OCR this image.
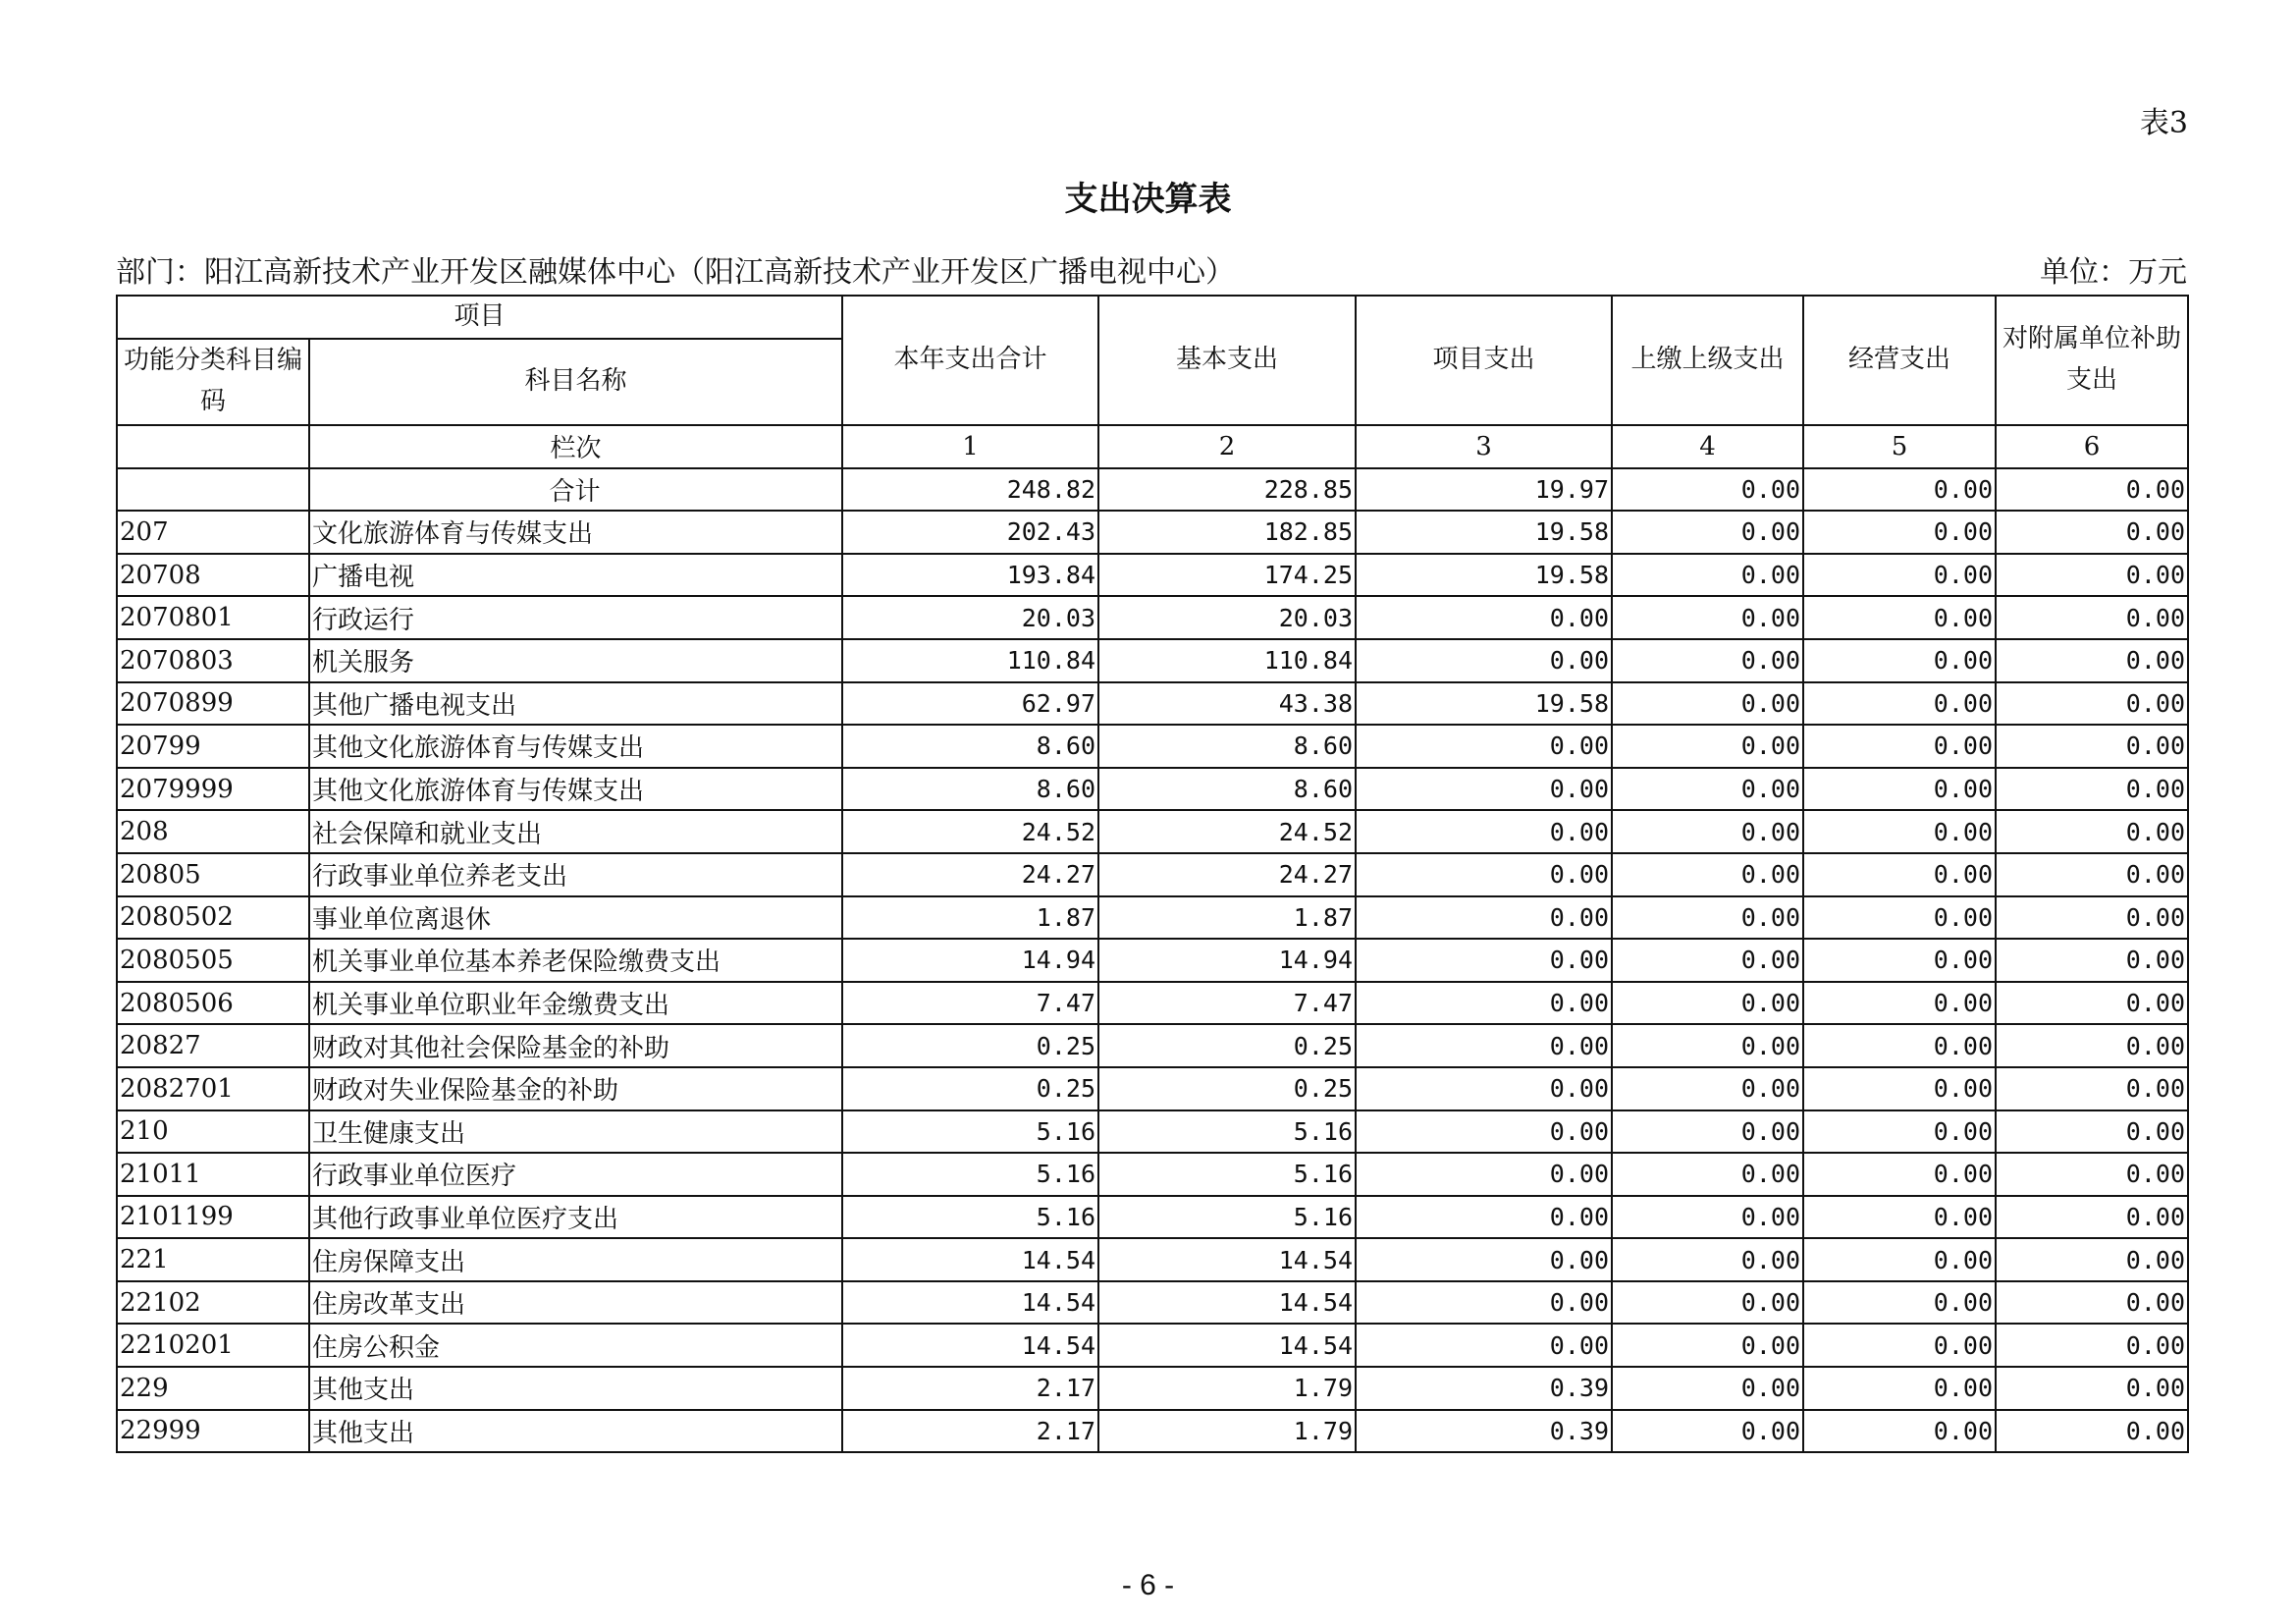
表3
支出决算表
部门：阳江高新技术产业开发区融媒体中心（阳江高新技术产业开发区广播电视中心）	单位：万元
项目		本年支出合计	基本支出	项目支出	上缴上级支出	经营支出	对附属单位补助支出
功能分类科目编码	科目名称						
	栏次	1	2	3	4	5	6
	合计	248.82	228.85	19.97	0.00	0.00	0.00
207	文化旅游体育与传媒支出	202.43	182.85	19.58	0.00	0.00	0.00
20708	广播电视	193.84	174.25	19.58	0.00	0.00	0.00
2070801	行政运行	20.03	20.03	0.00	0.00	0.00	0.00
2070803	机关服务	110.84	110.84	0.00	0.00	0.00	0.00
2070899	其他广播电视支出	62.97	43.38	19.58	0.00	0.00	0.00
20799	其他文化旅游体育与传媒支出	8.60	8.60	0.00	0.00	0.00	0.00
2079999	其他文化旅游体育与传媒支出	8.60	8.60	0.00	0.00	0.00	0.00
208	社会保障和就业支出	24.52	24.52	0.00	0.00	0.00	0.00
20805	行政事业单位养老支出	24.27	24.27	0.00	0.00	0.00	0.00
2080502	事业单位离退休	1.87	1.87	0.00	0.00	0.00	0.00
2080505	机关事业单位基本养老保险缴费支出	14.94	14.94	0.00	0.00	0.00	0.00
2080506	机关事业单位职业年金缴费支出	7.47	7.47	0.00	0.00	0.00	0.00
20827	财政对其他社会保险基金的补助	0.25	0.25	0.00	0.00	0.00	0.00
2082701	财政对失业保险基金的补助	0.25	0.25	0.00	0.00	0.00	0.00
210	卫生健康支出	5.16	5.16	0.00	0.00	0.00	0.00
21011	行政事业单位医疗	5.16	5.16	0.00	0.00	0.00	0.00
2101199	其他行政事业单位医疗支出	5.16	5.16	0.00	0.00	0.00	0.00
221	住房保障支出	14.54	14.54	0.00	0.00	0.00	0.00
22102	住房改革支出	14.54	14.54	0.00	0.00	0.00	0.00
2210201	住房公积金	14.54	14.54	0.00	0.00	0.00	0.00
229	其他支出	2.17	1.79	0.39	0.00	0.00	0.00
22999	其他支出	2.17	1.79	0.39	0.00	0.00	0.00
- 6 -
